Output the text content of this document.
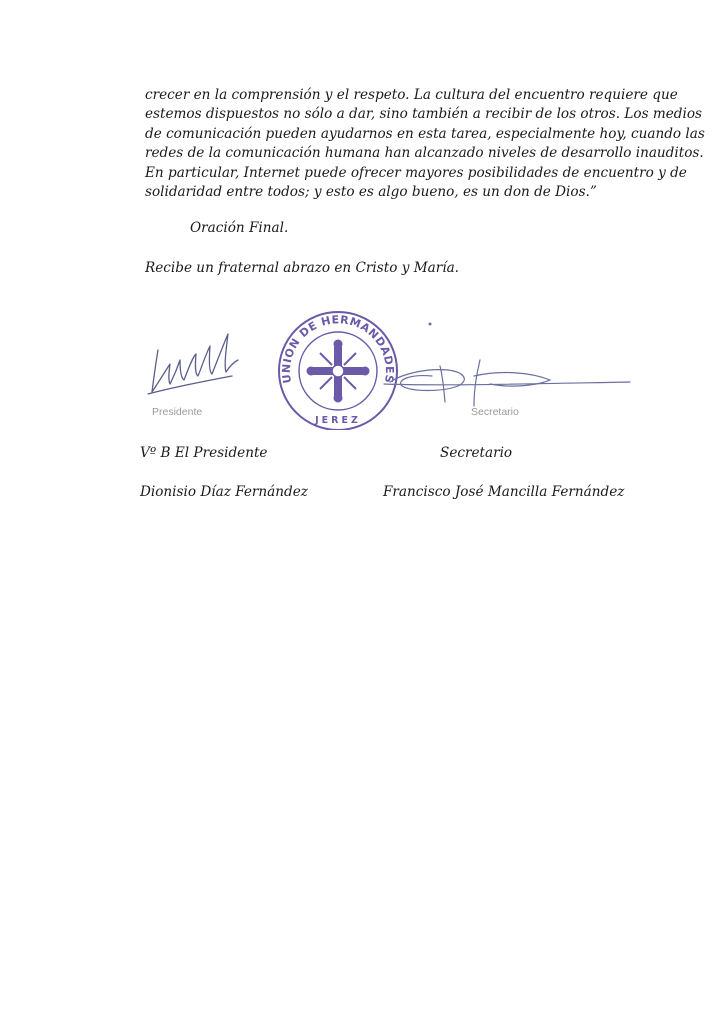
crecer en la comprensión y el respeto. La cultura del encuentro requiere que
estemos dispuestos no sólo a dar, sino también a recibir de los otros. Los medios
de comunicación pueden ayudarnos en esta tarea, especialmente hoy, cuando las
redes de la comunicación humana han alcanzado niveles de desarrollo inauditos.
En particular, Internet puede ofrecer mayores posibilidades de encuentro y de
solidaridad entre todos; y esto es algo bueno, es un don de Dios.”
Oración Final.
Recibe un fraternal abrazo en Cristo y María.
UNION DE HERMANDADES
JEREZ
Presidente	Secretario
Vº B El Presidente	Secretario
Dionisio Díaz Fernández	Francisco José Mancilla Fernández
